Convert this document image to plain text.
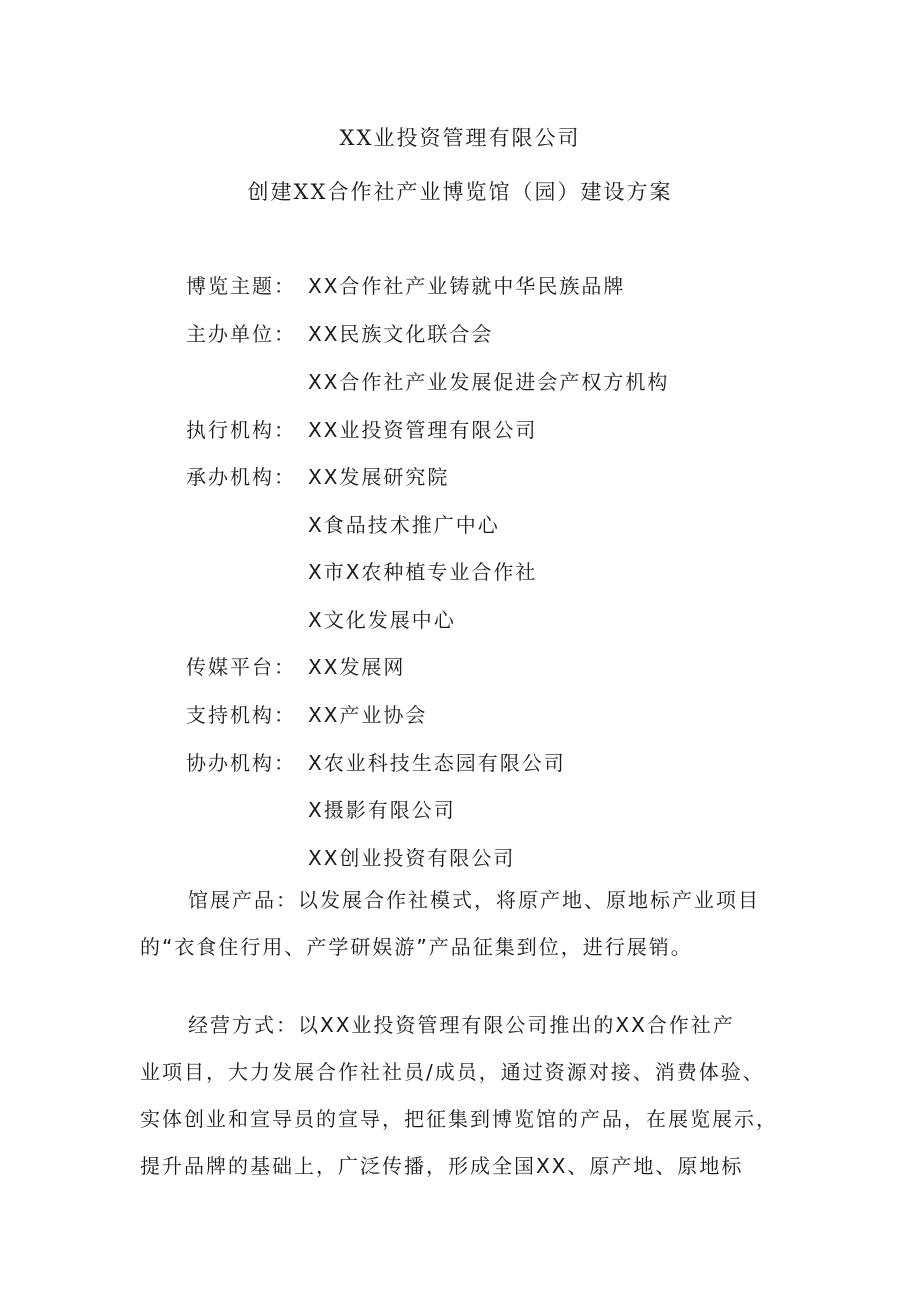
XX业投资管理有限公司
创建XX合作社产业博览馆（园）建设方案
博览主题： XX合作社产业铸就中华民族品牌
主办单位： XX民族文化联合会
XX合作社产业发展促进会产权方机构
执行机构： XX业投资管理有限公司
承办机构： XX发展研究院
X食品技术推广中心
X市X农种植专业合作社
X文化发展中心
传媒平台： XX发展网
支持机构： XX产业协会
协办机构： X农业科技生态园有限公司
X摄影有限公司
XX创业投资有限公司
馆展产品：以发展合作社模式，将原产地、原地标产业项目
的“衣食住行用、产学研娱游”产品征集到位，进行展销。
经营方式：以XX业投资管理有限公司推出的XX合作社产
业项目，大力发展合作社社员/成员，通过资源对接、消费体验、
实体创业和宣导员的宣导，把征集到博览馆的产品，在展览展示，
提升品牌的基础上，广泛传播，形成全国XX、原产地、原地标
